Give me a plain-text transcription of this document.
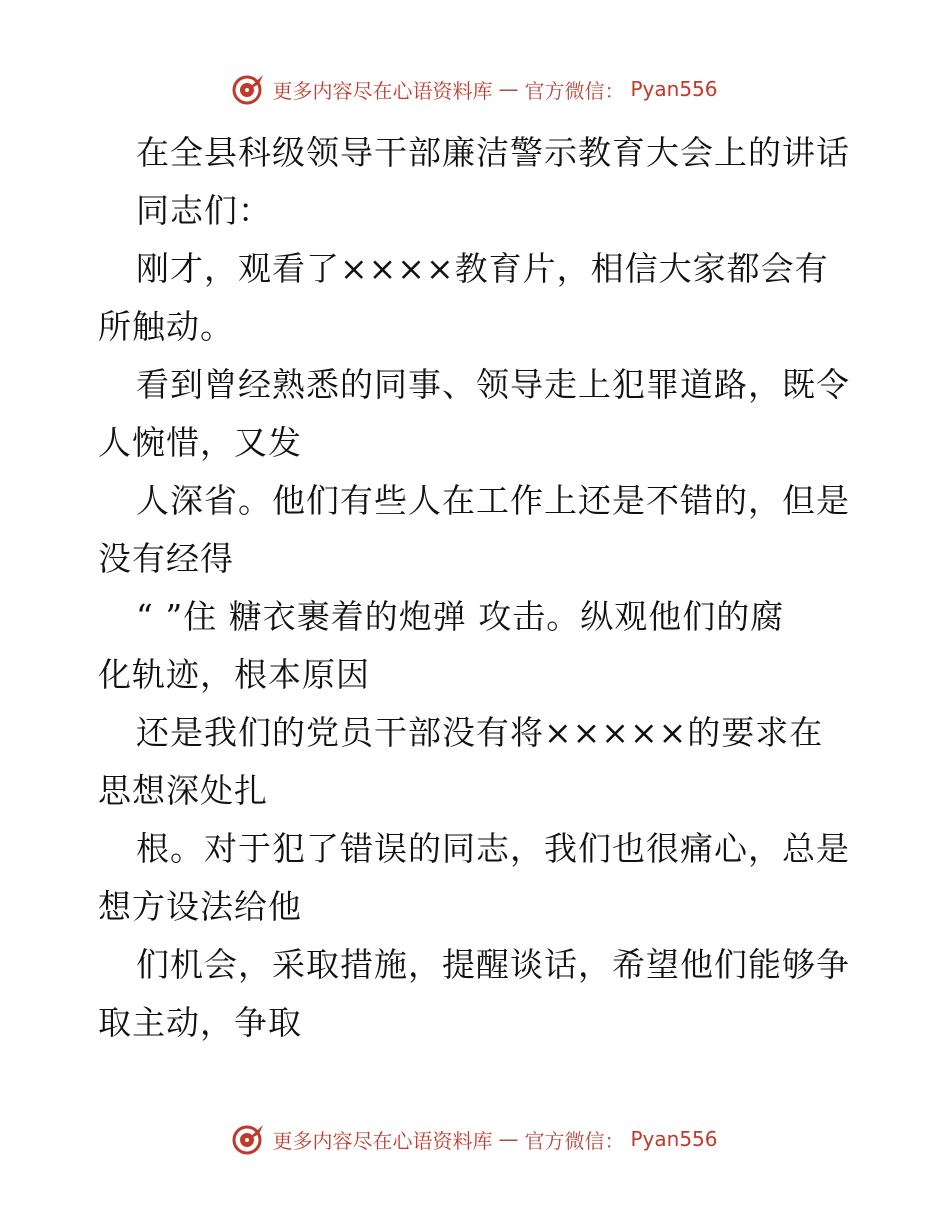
更多内容尽在心语资料库 — 官方微信： Pyan556
在全县科级领导干部廉洁警示教育大会上的讲话
同志们：
刚才，观看了××××教育片，相信大家都会有
所触动。
看到曾经熟悉的同事、领导走上犯罪道路，既令
人惋惜，又发
人深省。他们有些人在工作上还是不错的，但是
没有经得
“ ”住 糖衣裹着的炮弹 攻击。纵观他们的腐
化轨迹，根本原因
还是我们的党员干部没有将×××××的要求在
思想深处扎
根。对于犯了错误的同志，我们也很痛心，总是
想方设法给他
们机会，采取措施，提醒谈话，希望他们能够争
取主动，争取
更多内容尽在心语资料库 — 官方微信： Pyan556
